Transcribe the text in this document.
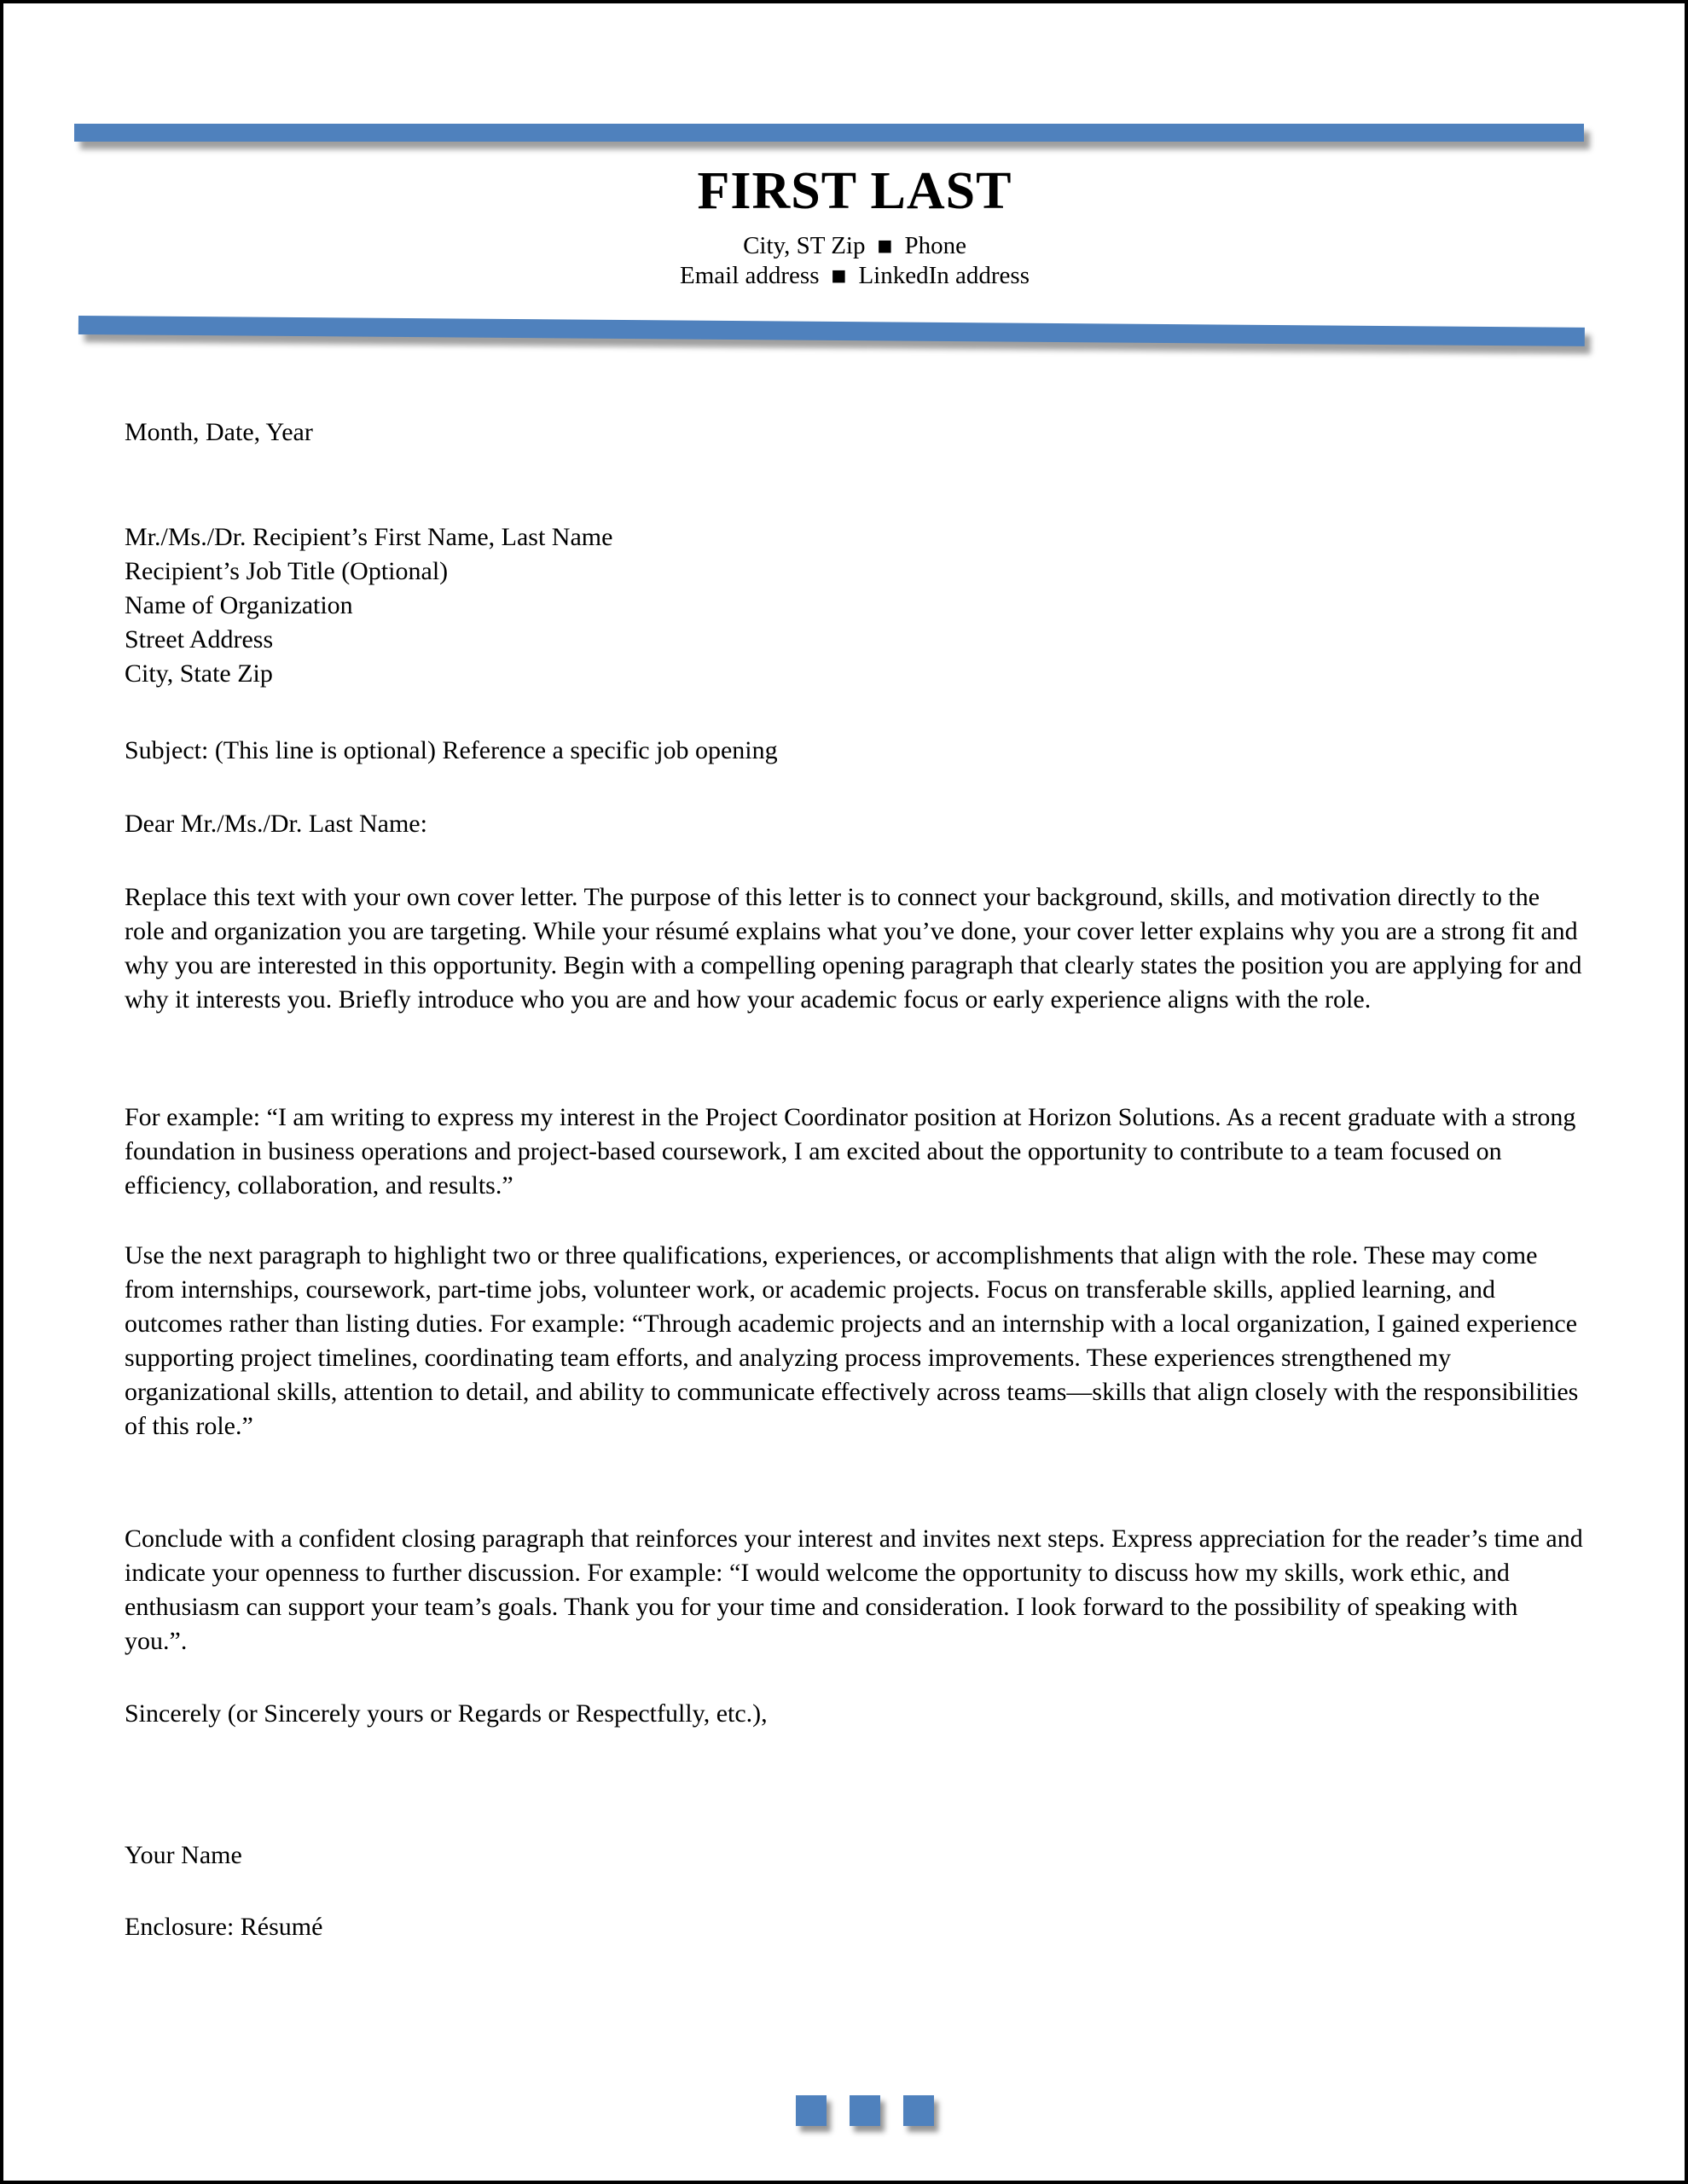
FIRST LAST
City, ST Zip ■ Phone
Email address ■ LinkedIn address

Month, Date, Year

Mr./Ms./Dr. Recipient’s First Name, Last Name
Recipient’s Job Title (Optional)
Name of Organization
Street Address
City, State Zip

Subject: (This line is optional) Reference a specific job opening

Dear Mr./Ms./Dr. Last Name:

Replace this text with your own cover letter. The purpose of this letter is to connect your background, skills, and motivation directly to the role and organization you are targeting. While your résumé explains what you’ve done, your cover letter explains why you are a strong fit and why you are interested in this opportunity. Begin with a compelling opening paragraph that clearly states the position you are applying for and why it interests you. Briefly introduce who you are and how your academic focus or early experience aligns with the role.

For example: “I am writing to express my interest in the Project Coordinator position at Horizon Solutions. As a recent graduate with a strong foundation in business operations and project-based coursework, I am excited about the opportunity to contribute to a team focused on efficiency, collaboration, and results.”

Use the next paragraph to highlight two or three qualifications, experiences, or accomplishments that align with the role. These may come from internships, coursework, part-time jobs, volunteer work, or academic projects. Focus on transferable skills, applied learning, and outcomes rather than listing duties. For example: “Through academic projects and an internship with a local organization, I gained experience supporting project timelines, coordinating team efforts, and analyzing process improvements. These experiences strengthened my organizational skills, attention to detail, and ability to communicate effectively across teams—skills that align closely with the responsibilities of this role.”

Conclude with a confident closing paragraph that reinforces your interest and invites next steps. Express appreciation for the reader’s time and indicate your openness to further discussion. For example: “I would welcome the opportunity to discuss how my skills, work ethic, and enthusiasm can support your team’s goals. Thank you for your time and consideration. I look forward to the possibility of speaking with you.”.

Sincerely (or Sincerely yours or Regards or Respectfully, etc.),

Your Name

Enclosure: Résumé
